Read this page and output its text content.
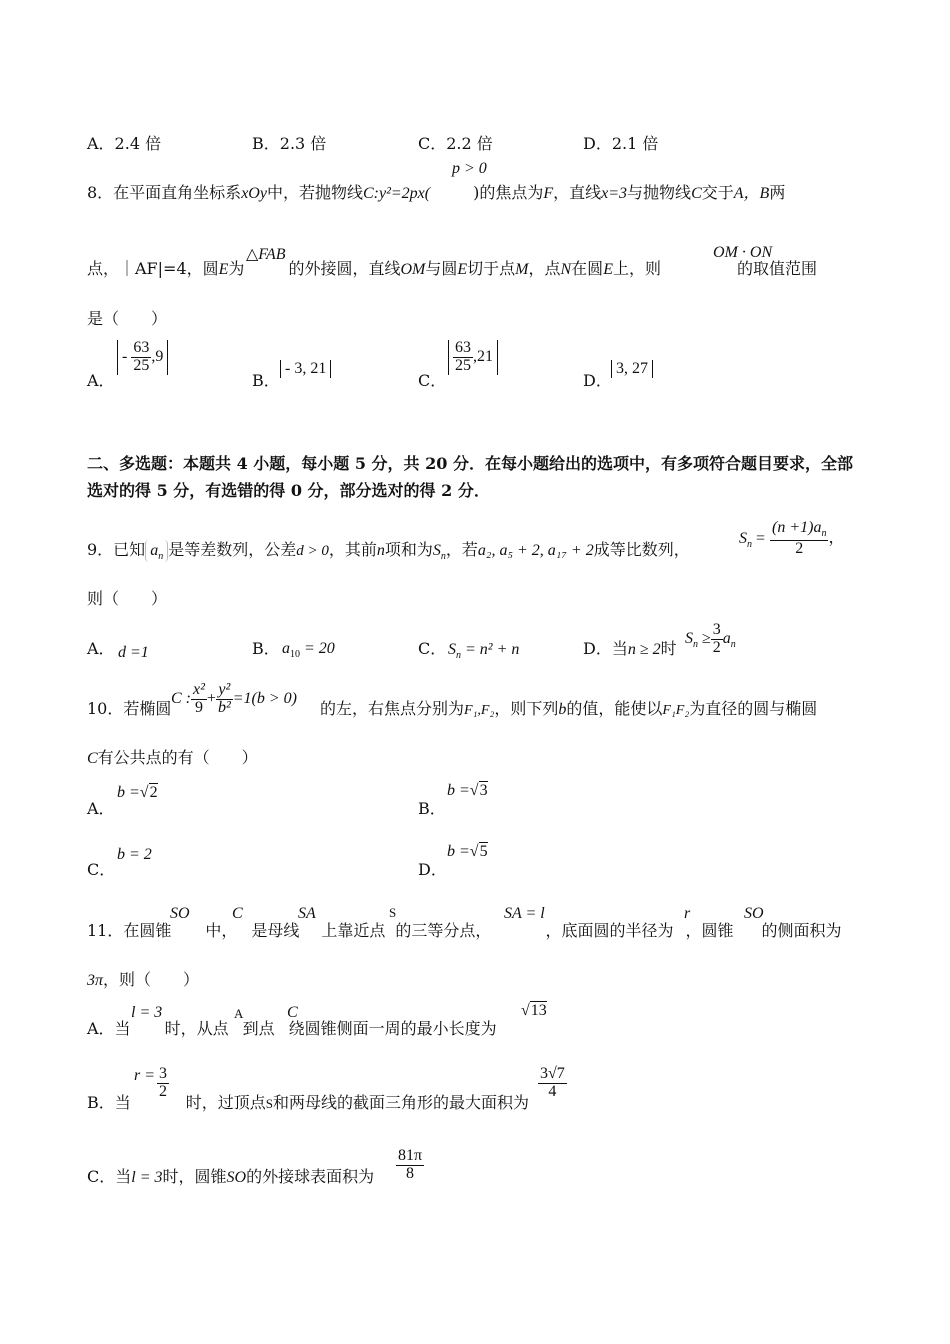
A．2.4 倍	B．2.3 倍	C．2.2 倍	D．2.1 倍
p > 0
8．在平面直角坐标系xOy中，若抛物线C:y²=2px(	)的焦点为F，直线x=3与抛物线C交于A，B两
△FAB	OM · ON
点，｜AF|=4，圆E为	的外接圆，直线OM与圆E切于点M，点N在圆E上，则	的取值范围
是（　　）
A．
- $\frac{63}{25} ,9$
B．
- 3, 21
C．
$\frac{63}{25} ,21$
D．
3, 27
二、多选题：本题共 4 小题，每小题 5 分，共 20 分．在每小题给出的选项中，有多项符合题目要求，全部
选对的得 5 分，有选错的得 0 分，部分选对的得 2 分．
9．已知 $a_n$ 是等差数列，公差d > 0，其前n项和为$S_n$，若a₂, a₅ + 2, a₁₇ + 2成等比数列，
$S_n = \frac{(n +1)a_n}{2}$ ，
则（　　）
A． d =1	B． $a_{10} = 20$	C． $S_n = n^2 + n$	D．当n ≥ 2时
$S_n \ge \frac{3}{2} a_n$
10．若椭圆
C : $\frac{\text{x²}}{9} + \frac{\text{y²}}{\text{b²}} =1(b > 0)$
的左，右焦点分别为F₁,F₂，则下列b的值，能使以F₁F₂为直径的圆与椭圆
C有公共点的有（　　）
A．
b =√2
B．
b =√3
C．
b = 2
D．
b =√5
SO	C	SA	S	SA = l	r	SO
11．在圆锥 中， 是母线 上靠近点 的三等分点，	，底面圆的半径为 ，圆锥 的侧面积为
3π，则（　　）
l = 3	A	C	√13
A．当 时，从点 到点 绕圆锥侧面一周的最小长度为
$r = \frac{3}{2}$	$\frac{3√7}{4}$
B．当	时，过顶点S和两母线的截面三角形的最大面积为
$\frac{81\pi}{8}$
C．当l = 3时，圆锥SO的外接球表面积为
